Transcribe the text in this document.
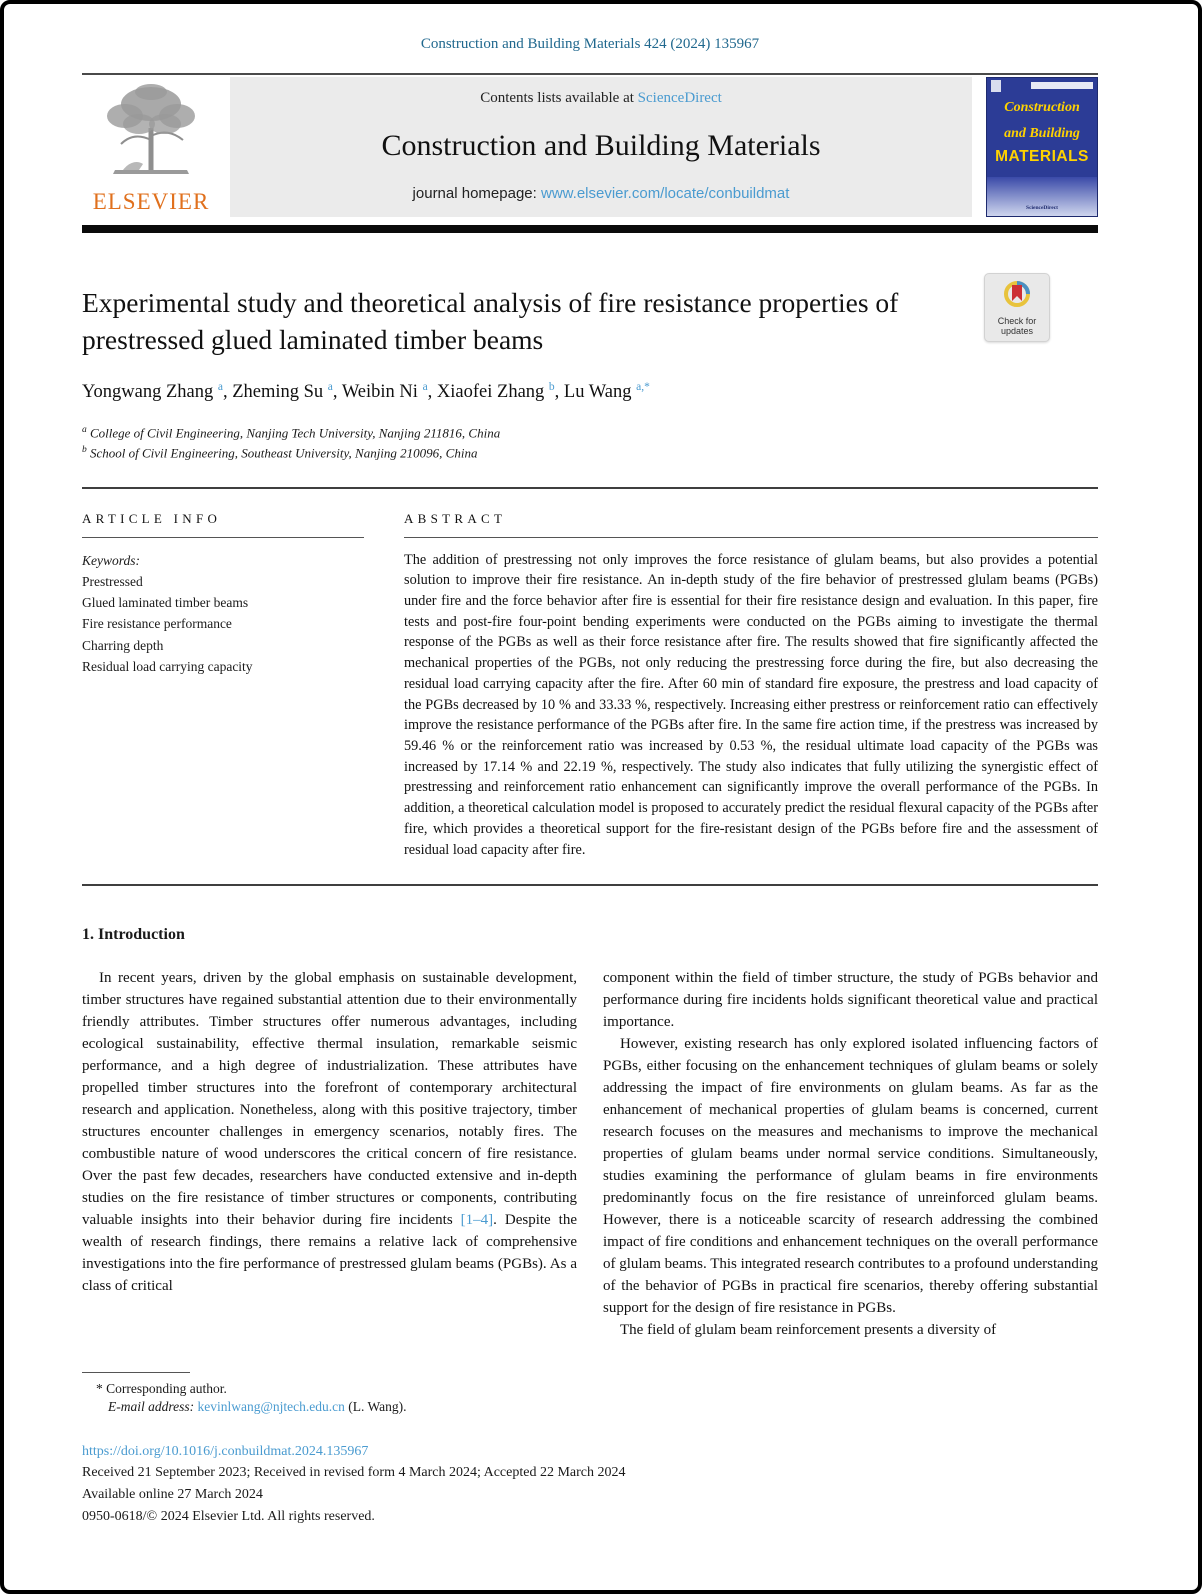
Construction and Building Materials 424 (2024) 135967
ELSEVIER
Contents lists available at ScienceDirect
Construction and Building Materials
journal homepage: www.elsevier.com/locate/conbuildmat
Construction
and Building
MATERIALS
ScienceDirect
Check for
updates
Experimental study and theoretical analysis of fire resistance properties of prestressed glued laminated timber beams
Yongwang Zhang $^a$, Zheming Su $^a$, Weibin Ni $^a$, Xiaofei Zhang $^b$, Lu Wang $^{a,*}$
$^a$ College of Civil Engineering, Nanjing Tech University, Nanjing 211816, China
$^b$ School of Civil Engineering, Southeast University, Nanjing 210096, China
ARTICLE INFO
Keywords:
Prestressed
Glued laminated timber beams
Fire resistance performance
Charring depth
Residual load carrying capacity
ABSTRACT
The addition of prestressing not only improves the force resistance of glulam beams, but also provides a potential solution to improve their fire resistance. An in-depth study of the fire behavior of prestressed glulam beams (PGBs) under fire and the force behavior after fire is essential for their fire resistance design and evaluation. In this paper, fire tests and post-fire four-point bending experiments were conducted on the PGBs aiming to investigate the thermal response of the PGBs as well as their force resistance after fire. The results showed that fire significantly affected the mechanical properties of the PGBs, not only reducing the prestressing force during the fire, but also decreasing the residual load carrying capacity after the fire. After 60 min of standard fire exposure, the prestress and load capacity of the PGBs decreased by 10 % and 33.33 %, respectively. Increasing either prestress or reinforcement ratio can effectively improve the resistance performance of the PGBs after fire. In the same fire action time, if the prestress was increased by 59.46 % or the reinforcement ratio was increased by 0.53 %, the residual ultimate load capacity of the PGBs was increased by 17.14 % and 22.19 %, respectively. The study also indicates that fully utilizing the synergistic effect of prestressing and reinforcement ratio enhancement can significantly improve the overall performance of the PGBs. In addition, a theoretical calculation model is proposed to accurately predict the residual flexural capacity of the PGBs after fire, which provides a theoretical support for the fire-resistant design of the PGBs before fire and the assessment of residual load capacity after fire.
1. Introduction

In recent years, driven by the global emphasis on sustainable development, timber structures have regained substantial attention due to their environmentally friendly attributes. Timber structures offer numerous advantages, including ecological sustainability, effective thermal insulation, remarkable seismic performance, and a high degree of industrialization. These attributes have propelled timber structures into the forefront of contemporary architectural research and application. Nonetheless, along with this positive trajectory, timber structures encounter challenges in emergency scenarios, notably fires. The combustible nature of wood underscores the critical concern of fire resistance. Over the past few decades, researchers have conducted extensive and in-depth studies on the fire resistance of timber structures or components, contributing valuable insights into their behavior during fire incidents [1–4]. Despite the wealth of research findings, there remains a relative lack of comprehensive investigations into the fire performance of prestressed glulam beams (PGBs). As a class of critical

component within the field of timber structure, the study of PGBs behavior and performance during fire incidents holds significant theoretical value and practical importance.

However, existing research has only explored isolated influencing factors of PGBs, either focusing on the enhancement techniques of glulam beams or solely addressing the impact of fire environments on glulam beams. As far as the enhancement of mechanical properties of glulam beams is concerned, current research focuses on the measures and mechanisms to improve the mechanical properties of glulam beams under normal service conditions. Simultaneously, studies examining the performance of glulam beams in fire environments predominantly focus on the fire resistance of unreinforced glulam beams. However, there is a noticeable scarcity of research addressing the combined impact of fire conditions and enhancement techniques on the overall performance of glulam beams. This integrated research contributes to a profound understanding of the behavior of PGBs in practical fire scenarios, thereby offering substantial support for the design of fire resistance in PGBs.

The field of glulam beam reinforcement presents a diversity of

* Corresponding author.
E-mail address: kevinlwang@njtech.edu.cn (L. Wang).
https://doi.org/10.1016/j.conbuildmat.2024.135967
Received 21 September 2023; Received in revised form 4 March 2024; Accepted 22 March 2024
Available online 27 March 2024
0950-0618/© 2024 Elsevier Ltd. All rights reserved.
